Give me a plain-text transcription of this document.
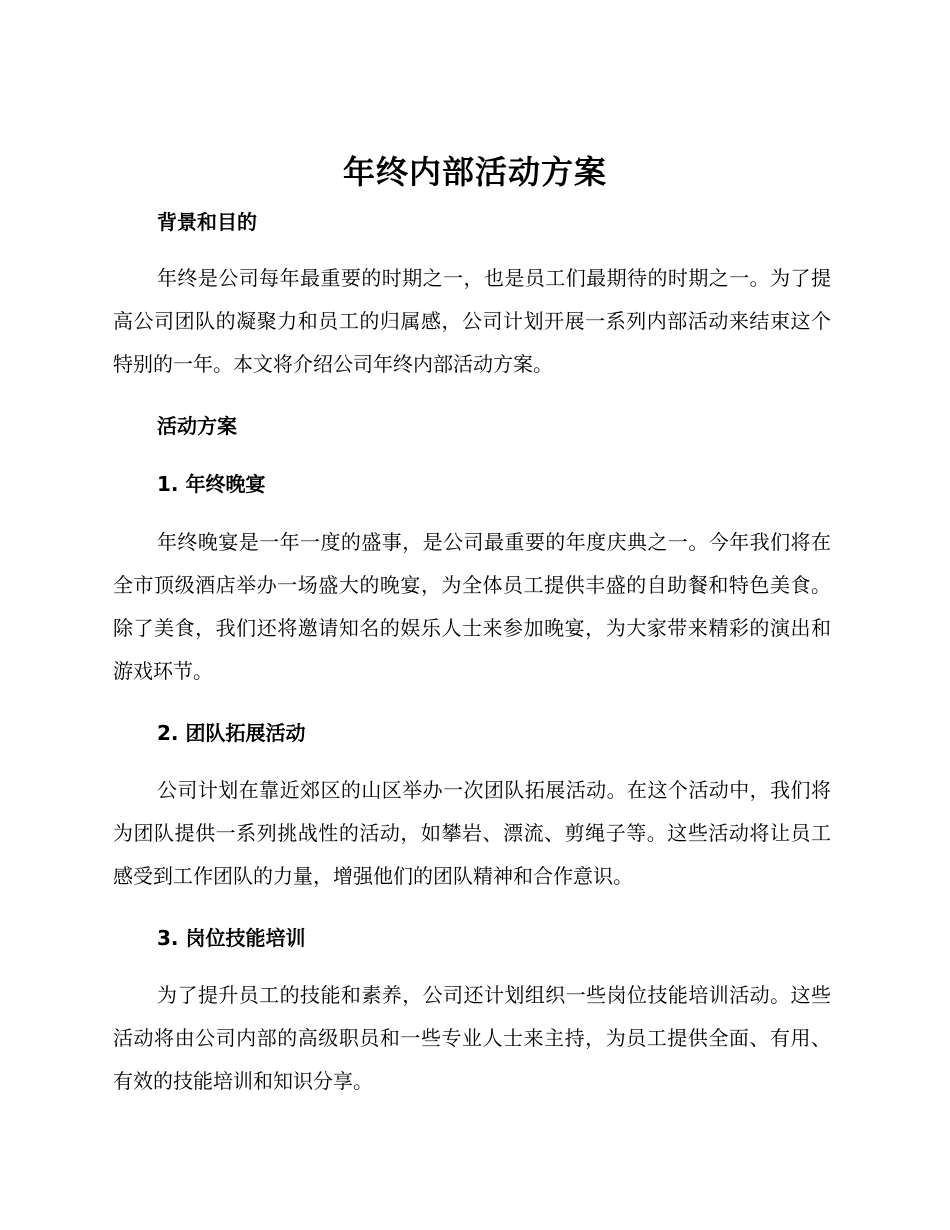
年终内部活动方案
背景和目的

年终是公司每年最重要的时期之一，也是员工们最期待的时期之一。为了提高公司团队的凝聚力和员工的归属感，公司计划开展一系列内部活动来结束这个特别的一年。本文将介绍公司年终内部活动方案。

活动方案
1. 年终晚宴

年终晚宴是一年一度的盛事，是公司最重要的年度庆典之一。今年我们将在全市顶级酒店举办一场盛大的晚宴，为全体员工提供丰盛的自助餐和特色美食。除了美食，我们还将邀请知名的娱乐人士来参加晚宴，为大家带来精彩的演出和游戏环节。

2. 团队拓展活动

公司计划在靠近郊区的山区举办一次团队拓展活动。在这个活动中，我们将为团队提供一系列挑战性的活动，如攀岩、漂流、剪绳子等。这些活动将让员工感受到工作团队的力量，增强他们的团队精神和合作意识。

3. 岗位技能培训

为了提升员工的技能和素养，公司还计划组织一些岗位技能培训活动。这些活动将由公司内部的高级职员和一些专业人士来主持，为员工提供全面、有用、有效的技能培训和知识分享。
